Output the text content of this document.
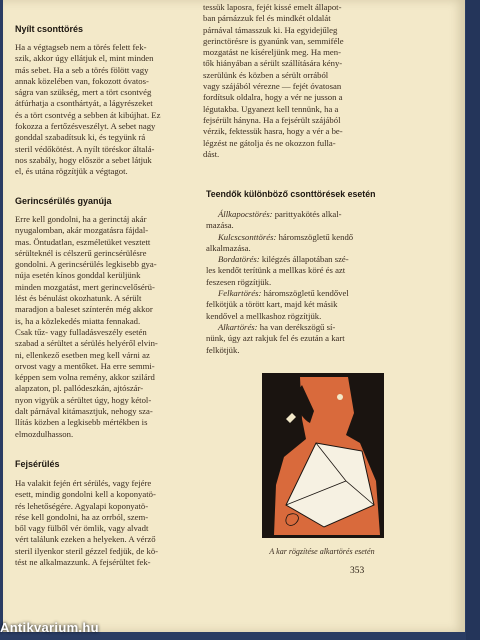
Nyílt csonttörés
Ha a végtagseb nem a törés felett fek-
szik, akkor úgy ellátjuk el, mint minden
más sebet. Ha a seb a törés fölött vagy
annak közelében van, fokozott óvatos-
ságra van szükség, mert a tört csontvég
átfúrhatja a csonthártyát, a lágyrészeket
és a tört csontvég a sebben át kibújhat. Ez
fokozza a fertőzésveszélyt. A sebet nagy
gonddal szabadítsuk ki, és tegyünk rá
steril védőkötést. A nyílt töréskor általá-
nos szabály, hogy először a sebet látjuk
el, és utána rögzítjük a végtagot.
Gerincsérülés gyanúja
Erre kell gondolni, ha a gerinctáj akár
nyugalomban, akár mozgatásra fájdal-
mas. Öntudatlan, eszméletüket vesztett
sérülteknél is célszerű gerincsérülésre
gondolni. A gerincsérülés legkisebb gya-
núja esetén kínos gonddal kerüljünk
minden mozgatást, mert gerincvelősérü-
lést és bénulást okozhatunk. A sérült
maradjon a baleset színterén még akkor
is, ha a közlekedés miatta fennakad.
Csak tűz- vagy fulladásveszély esetén
szabad a sérültet a sérülés helyéről elvin-
ni, ellenkező esetben meg kell várni az
orvost vagy a mentőket. Ha erre semmi-
képpen sem volna remény, akkor szilárd
alapzaton, pl. pallódeszkán, ajtószár-
nyon vigyük a sérültet úgy, hogy kétol-
dalt párnával kitámasztjuk, nehogy sza-
llítás közben a legkisebb mértékben is
elmozdulhasson.
Fejsérülés
Ha valakit fején ért sérülés, vagy fejére
esett, mindig gondolni kell a koponyatö-
rés lehetőségére. Agyalapi koponyatö-
rése kell gondolni, ha az orrból, szem-
ből vagy fülből vér ömlik, vagy alvadt
vért találunk ezeken a helyeken. A vérző
steril ilyenkor steril gézzel fedjük, de kö-
tést ne alkalmazzunk. A fejsérültet fek-
tessük laposra, fejét kissé emelt állapot-
ban párnázzuk fel és mindkét oldalát
párnával támasszuk ki. Ha egyidejűleg
gerinctörésre is gyanúnk van, semmiféle
mozgatást ne kíséreljünk meg. Ha men-
tők hiányában a sérült szállítására kény-
szerülünk és közben a sérült orrából
vagy szájából vérezne — fejét óvatosan
fordítsuk oldalra, hogy a vér ne jusson a
légutakba. Ugyanezt kell tennünk, ha a
fejsérült hányna. Ha a fejsérült szájából
vérzik, fektessük hasra, hogy a vér a be-
légzést ne gátolja és ne okozzon fulla-
dást.
Teendők különböző csonttörések esetén
Állkapocstörés: parittyakötés alkal-
mazása.
Kulcscsonttörés: háromszögletű kendő
alkalmazása.
Bordatörés: kilégzés állapotában szé-
les kendőt terítünk a mellkas köré és azt
feszesen rögzítjük.
Felkartörés: háromszögletű kendővel
felkötjük a törött kart, majd két másik
kendővel a mellkashoz rögzítjük.
Alkartörés: ha van derékszögű sí-
nünk, úgy azt rakjuk fel és ezután a kart
felkötjük.
A kar rögzítése alkartörés esetén
353
Antikvarium.hu
